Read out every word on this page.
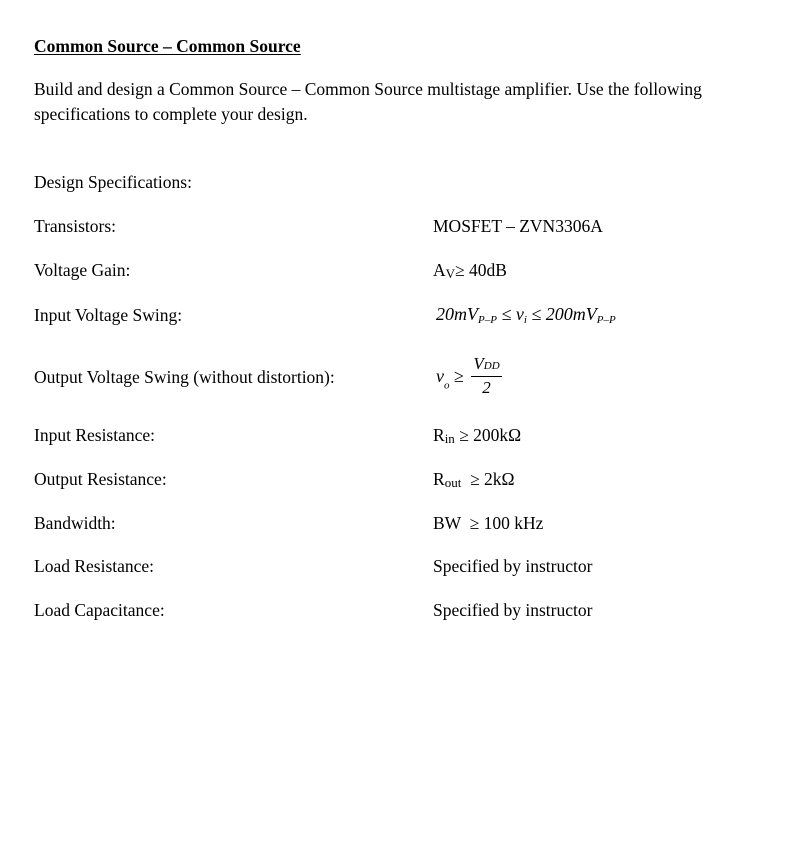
Common Source – Common Source
Build and design a Common Source – Common Source multistage amplifier. Use the following specifications to complete your design.
Design Specifications:
Transistors:	MOSFET – ZVN3306A
Voltage Gain:	AV≥ 40dB
Input Voltage Swing:	20mVP–P ≤ vi ≤ 200mVP–P
Output Voltage Swing (without distortion):	$v_o \ge \frac{\text{VDD}}{2}$
Input Resistance:	Rin ≥ 200kΩ
Output Resistance:	Rout  ≥ 2kΩ
Bandwidth:	BW  ≥ 100 kHz
Load Resistance:	Specified by instructor
Load Capacitance:	Specified by instructor
